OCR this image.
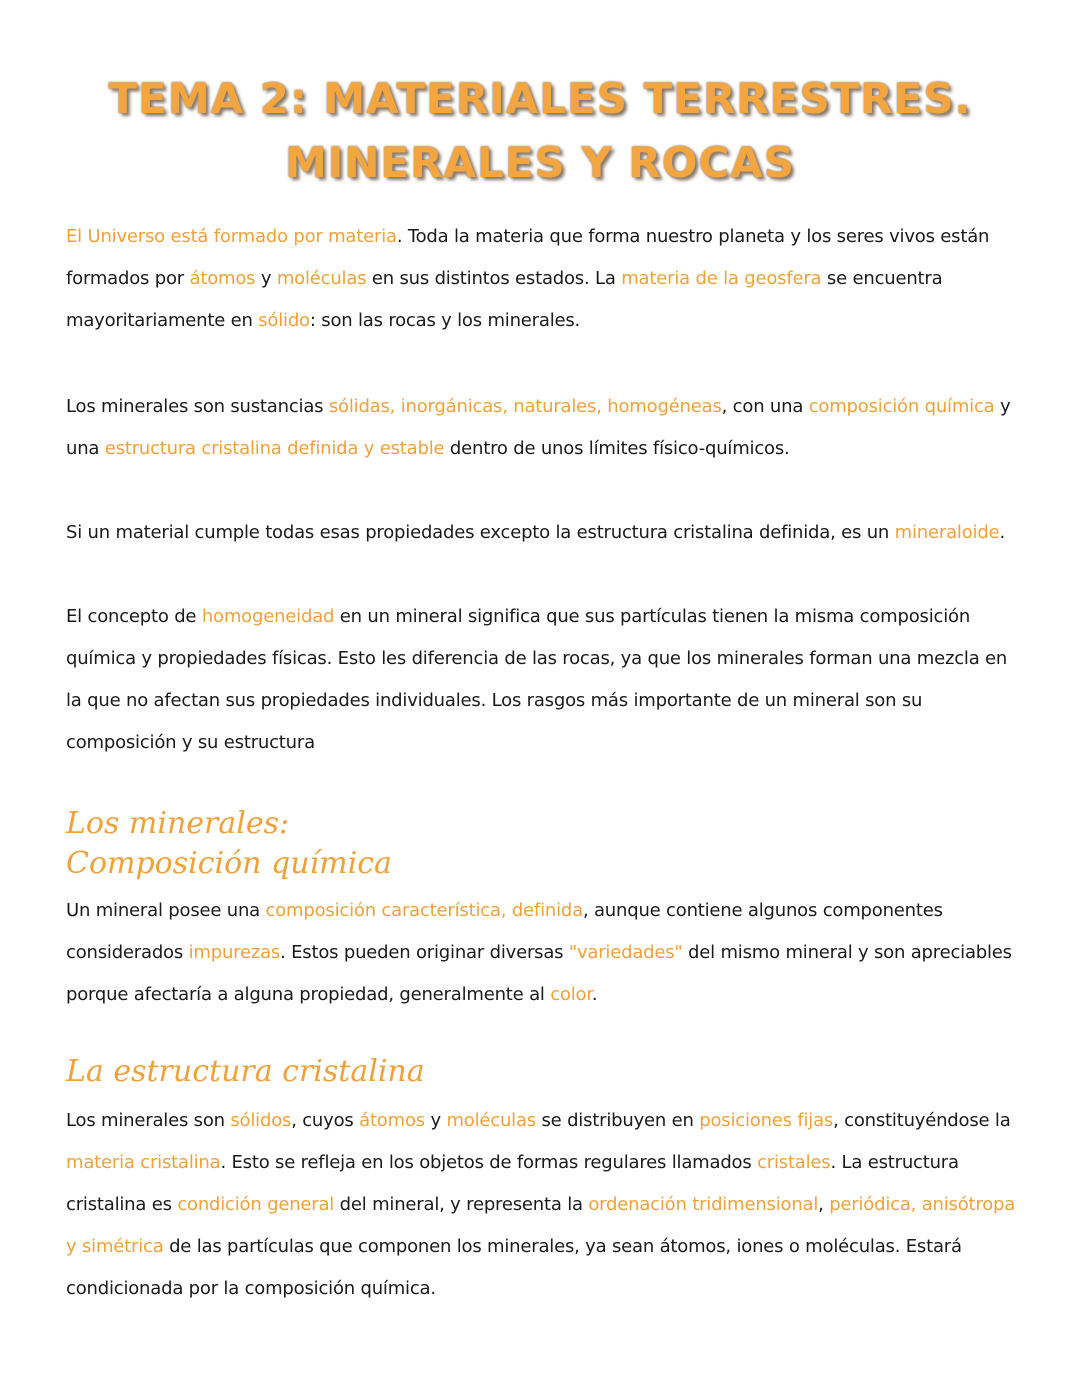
TEMA 2: MATERIALES TERRESTRES.
MINERALES Y ROCAS
El Universo está formado por materia. Toda la materia que forma nuestro planeta y los seres vivos están formados por átomos y moléculas en sus distintos estados. La materia de la geosfera se encuentra mayoritariamente en sólido: son las rocas y los minerales.
Los minerales son sustancias sólidas, inorgánicas, naturales, homogéneas, con una composición química y una estructura cristalina definida y estable dentro de unos límites físico-químicos.
Si un material cumple todas esas propiedades excepto la estructura cristalina definida, es un mineraloide.
El concepto de homogeneidad en un mineral significa que sus partículas tienen la misma composición química y propiedades físicas. Esto les diferencia de las rocas, ya que los minerales forman una mezcla en la que no afectan sus propiedades individuales. Los rasgos más importante de un mineral son su composición y su estructura
Los minerales:
Composición química
Un mineral posee una composición característica, definida, aunque contiene algunos componentes considerados impurezas. Estos pueden originar diversas "variedades" del mismo mineral y son apreciables porque afectaría a alguna propiedad, generalmente al color.
La estructura cristalina
Los minerales son sólidos, cuyos átomos y moléculas se distribuyen en posiciones fijas, constituyéndose la materia cristalina. Esto se refleja en los objetos de formas regulares llamados cristales. La estructura cristalina es condición general del mineral, y representa la ordenación tridimensional, periódica, anisótropa y simétrica de las partículas que componen los minerales, ya sean átomos, iones o moléculas. Estará condicionada por la composición química.
